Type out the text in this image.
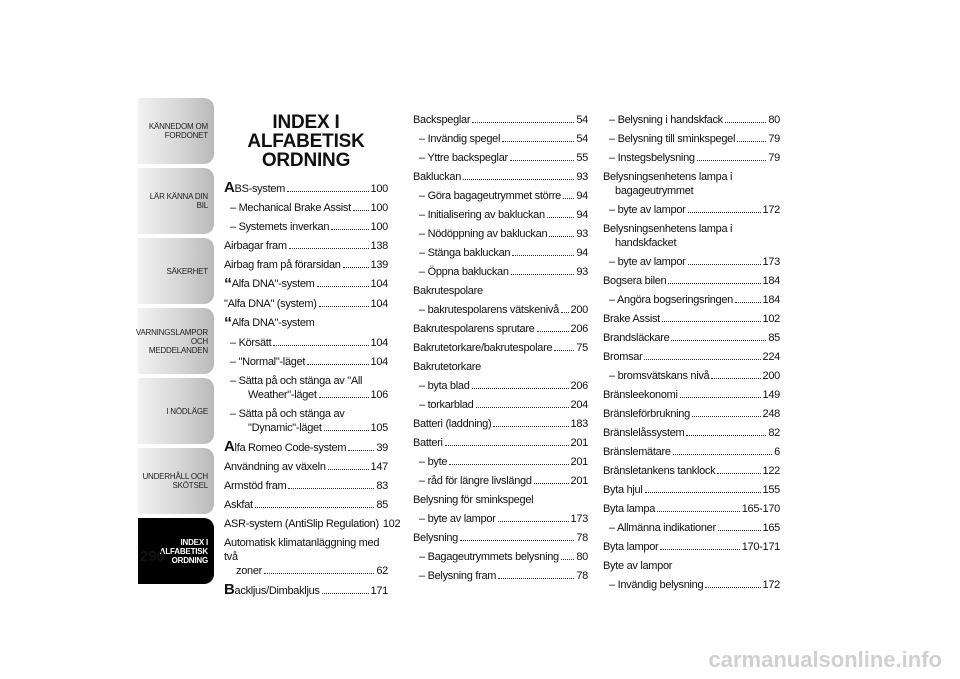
KÄNNEDOM OM FORDONET
LÄR KÄNNA DIN BIL
SÄKERHET
VARNINGSLAMPOR OCH MEDDELANDEN
I NÖDLÄGE
UNDERHÅLL OCH SKÖTSEL
INDEX I ALFABETISK ORDNING
290
INDEX I ALFABETISK ORDNING
ABS-system	100
– Mechanical Brake Assist 100
– Systemets inverkan	100
Airbagar fram	138
Airbag fram på förarsidan	139
“Alfa DNA"-system	104
"Alfa DNA" (system)	104
“Alfa DNA"-system
– Körsätt	104
– "Normal"-läget	104
– Sätta på och stänga av "All
Weather"-läget	106
– Sätta på och stänga av
"Dynamic"-läget	105
Alfa Romeo Code-system	39
Användning av växeln	147
Armstöd fram	83
Askfat	85
ASR-system (AntiSlip Regulation) 102
Automatisk klimatanläggning med två
zoner	62
Backljus/Dimbakljus	171
Backspeglar	54
– Invändig spegel	54
– Yttre backspeglar	55
Bakluckan	93
– Göra bagageutrymmet större 94
– Initialisering av bakluckan	94
– Nödöppning av bakluckan	93
– Stänga bakluckan	94
– Öppna bakluckan	93
Bakrutespolare
– bakrutespolarens vätskenivå 200
Bakrutespolarens sprutare	206
Bakrutetorkare/bakrutespolare 75
Bakrutetorkare
– byta blad	206
– torkarblad	204
Batteri (laddning)	183
Batteri	201
– byte	201
– råd för längre livslängd	201
Belysning för sminkspegel
– byte av lampor	173
Belysning	78
– Bagageutrymmets belysning 80
– Belysning fram	78
– Belysning i handskfack	80
– Belysning till sminkspegel	79
– Instegsbelysning	79
Belysningsenhetens lampa i
bagageutrymmet
– byte av lampor	172
Belysningsenhetens lampa i
handskfacket
– byte av lampor	173
Bogsera bilen	184
– Angöra bogseringsringen	184
Brake Assist	102
Brandsläckare	85
Bromsar	224
– bromsvätskans nivå	200
Bränsleekonomi	149
Bränsleförbrukning	248
Bränslelåssystem	82
Bränslemätare	6
Bränsletankens tanklock	122
Byta hjul	155
Byta lampa	165-170
– Allmänna indikationer	165
Byta lampor	170-171
Byte av lampor
– Invändig belysning	172
carmanualsonline.info
